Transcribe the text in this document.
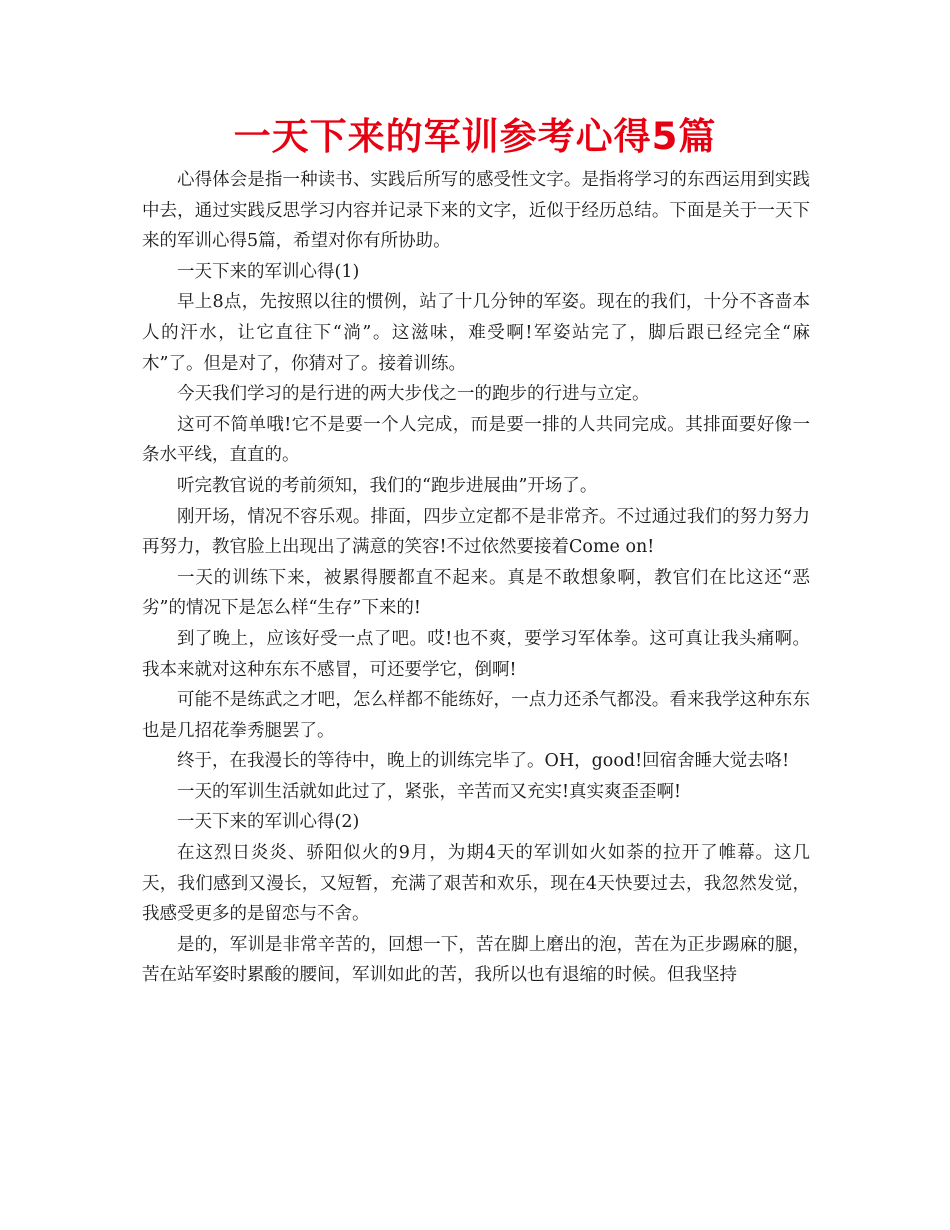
一天下来的军训参考心得5篇

心得体会是指一种读书、实践后所写的感受性文字。是指将学习的东西运用到实践中去，通过实践反思学习内容并记录下来的文字，近似于经历总结。下面是关于一天下来的军训心得5篇，希望对你有所协助。

一天下来的军训心得(1)

早上8点，先按照以往的惯例，站了十几分钟的军姿。现在的我们，十分不吝啬本人的汗水，让它直往下“淌”。这滋味，难受啊!军姿站完了，脚后跟已经完全“麻木”了。但是对了，你猜对了。接着训练。

今天我们学习的是行进的两大步伐之一的跑步的行进与立定。

这可不简单哦!它不是要一个人完成，而是要一排的人共同完成。其排面要好像一条水平线，直直的。

听完教官说的考前须知，我们的“跑步进展曲”开场了。

刚开场，情况不容乐观。排面，四步立定都不是非常齐。不过通过我们的努力努力再努力，教官脸上出现出了满意的笑容!不过依然要接着Come on!

一天的训练下来，被累得腰都直不起来。真是不敢想象啊，教官们在比这还“恶劣”的情况下是怎么样“生存”下来的!

到了晚上，应该好受一点了吧。哎!也不爽，要学习军体拳。这可真让我头痛啊。我本来就对这种东东不感冒，可还要学它，倒啊!

可能不是练武之才吧，怎么样都不能练好，一点力还杀气都没。看来我学这种东东也是几招花拳秀腿罢了。

终于，在我漫长的等待中，晚上的训练完毕了。OH，good!回宿舍睡大觉去咯!

一天的军训生活就如此过了，紧张，辛苦而又充实!真实爽歪歪啊!

一天下来的军训心得(2)

在这烈日炎炎、骄阳似火的9月，为期4天的军训如火如荼的拉开了帷幕。这几天，我们感到又漫长，又短暂，充满了艰苦和欢乐，现在4天快要过去，我忽然发觉，我感受更多的是留恋与不舍。

是的，军训是非常辛苦的，回想一下，苦在脚上磨出的泡，苦在为正步踢麻的腿，苦在站军姿时累酸的腰间，军训如此的苦，我所以也有退缩的时候。但我坚持
